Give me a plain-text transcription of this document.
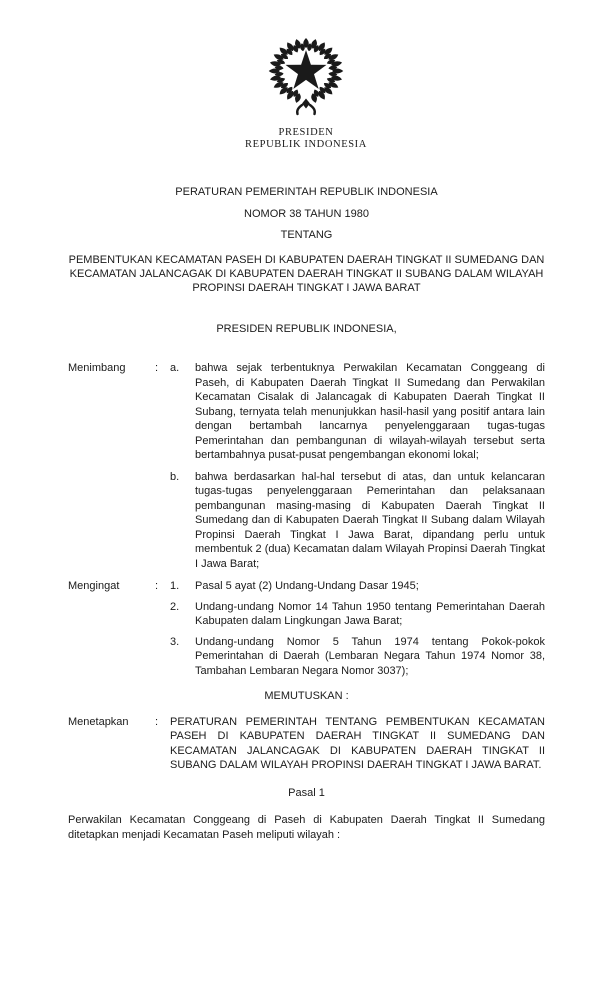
PRESIDEN
REPUBLIK INDONESIA
PERATURAN PEMERINTAH REPUBLIK INDONESIA
NOMOR 38 TAHUN 1980
TENTANG
PEMBENTUKAN KECAMATAN PASEH DI KABUPATEN DAERAH TINGKAT II SUMEDANG DAN KECAMATAN JALANCAGAK DI KABUPATEN DAERAH TINGKAT II SUBANG DALAM WILAYAH PROPINSI DAERAH TINGKAT I JAWA BARAT
PRESIDEN REPUBLIK INDONESIA,
Menimbang	:	a.	bahwa sejak terbentuknya Perwakilan Kecamatan Conggeang di Paseh, di Kabupaten Daerah Tingkat II Sumedang dan Perwakilan Kecamatan Cisalak di Jalancagak di Kabupaten Daerah Tingkat II Subang, ternyata telah menunjukkan hasil-hasil yang positif antara lain dengan bertambah lancarnya penyelenggaraan tugas-tugas Pemerintahan dan pembangunan di wilayah-wilayah tersebut serta bertambahnya pusat-pusat pengembangan ekonomi lokal;
b.	bahwa berdasarkan hal-hal tersebut di atas, dan untuk kelancaran tugas-tugas penyelenggaraan Pemerintahan dan pelaksanaan pembangunan masing-masing di Kabupaten Daerah Tingkat II Sumedang dan di Kabupaten Daerah Tingkat II Subang dalam Wilayah Propinsi Daerah Tingkat I Jawa Barat, dipandang perlu untuk membentuk 2 (dua) Kecamatan dalam Wilayah Propinsi Daerah Tingkat I Jawa Barat;
Mengingat	:	1.	Pasal 5 ayat (2) Undang-Undang Dasar 1945;
2.	Undang-undang Nomor 14 Tahun 1950 tentang Pemerintahan Daerah Kabupaten dalam Lingkungan Jawa Barat;
3.	Undang-undang Nomor 5 Tahun 1974 tentang Pokok-pokok Pemerintahan di Daerah (Lembaran Negara Tahun 1974 Nomor 38, Tambahan Lembaran Negara Nomor 3037);
MEMUTUSKAN :
Menetapkan	:	PERATURAN PEMERINTAH TENTANG PEMBENTUKAN KECAMATAN PASEH DI KABUPATEN DAERAH TINGKAT II SUMEDANG DAN KECAMATAN JALANCAGAK DI KABUPATEN DAERAH TINGKAT II SUBANG DALAM WILAYAH PROPINSI DAERAH TINGKAT I JAWA BARAT.
Pasal 1
Perwakilan Kecamatan Conggeang di Paseh di Kabupaten Daerah Tingkat II Sumedang ditetapkan menjadi Kecamatan Paseh meliputi wilayah :
